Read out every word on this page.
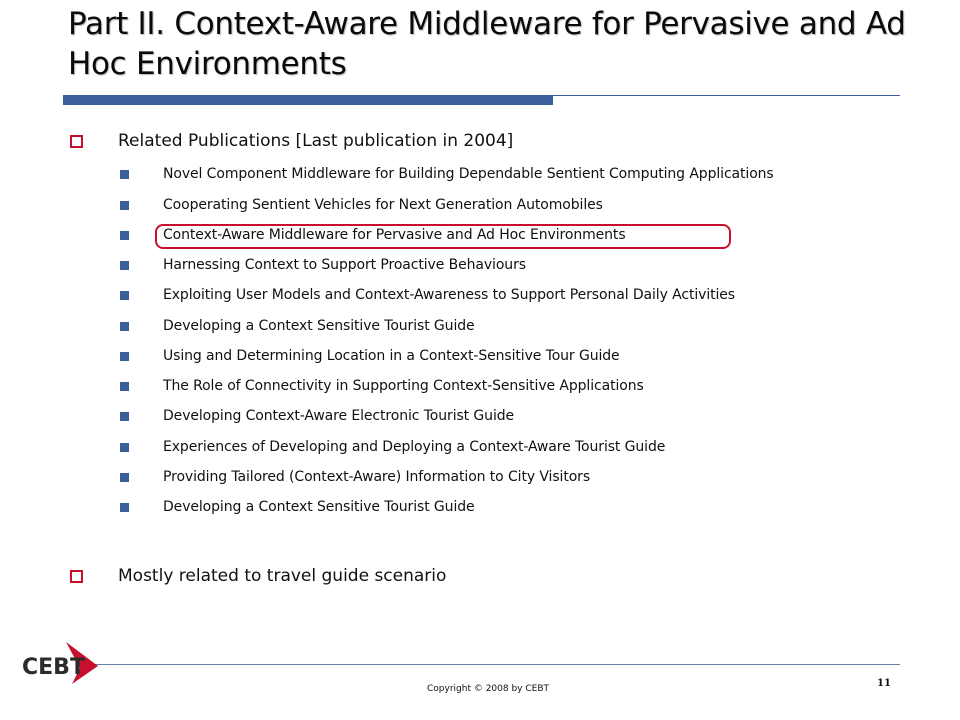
Part II. Context-Aware Middleware for Pervasive and Ad Hoc Environments
Related Publications [Last publication in 2004]
Novel Component Middleware for Building Dependable Sentient Computing Applications
Cooperating Sentient Vehicles for Next Generation Automobiles
Context-Aware Middleware for Pervasive and Ad Hoc Environments
Harnessing Context to Support Proactive Behaviours
Exploiting User Models and Context-Awareness to Support Personal Daily Activities
Developing a Context Sensitive Tourist Guide
Using and Determining Location in a Context-Sensitive Tour Guide
The Role of Connectivity in Supporting Context-Sensitive Applications
Developing Context-Aware Electronic Tourist Guide
Experiences of Developing and Deploying a Context-Aware Tourist Guide
Providing Tailored (Context-Aware) Information to City Visitors
Developing a Context Sensitive Tourist Guide
Mostly related to travel guide scenario
CEBT
Copyright © 2008 by CEBT	11
